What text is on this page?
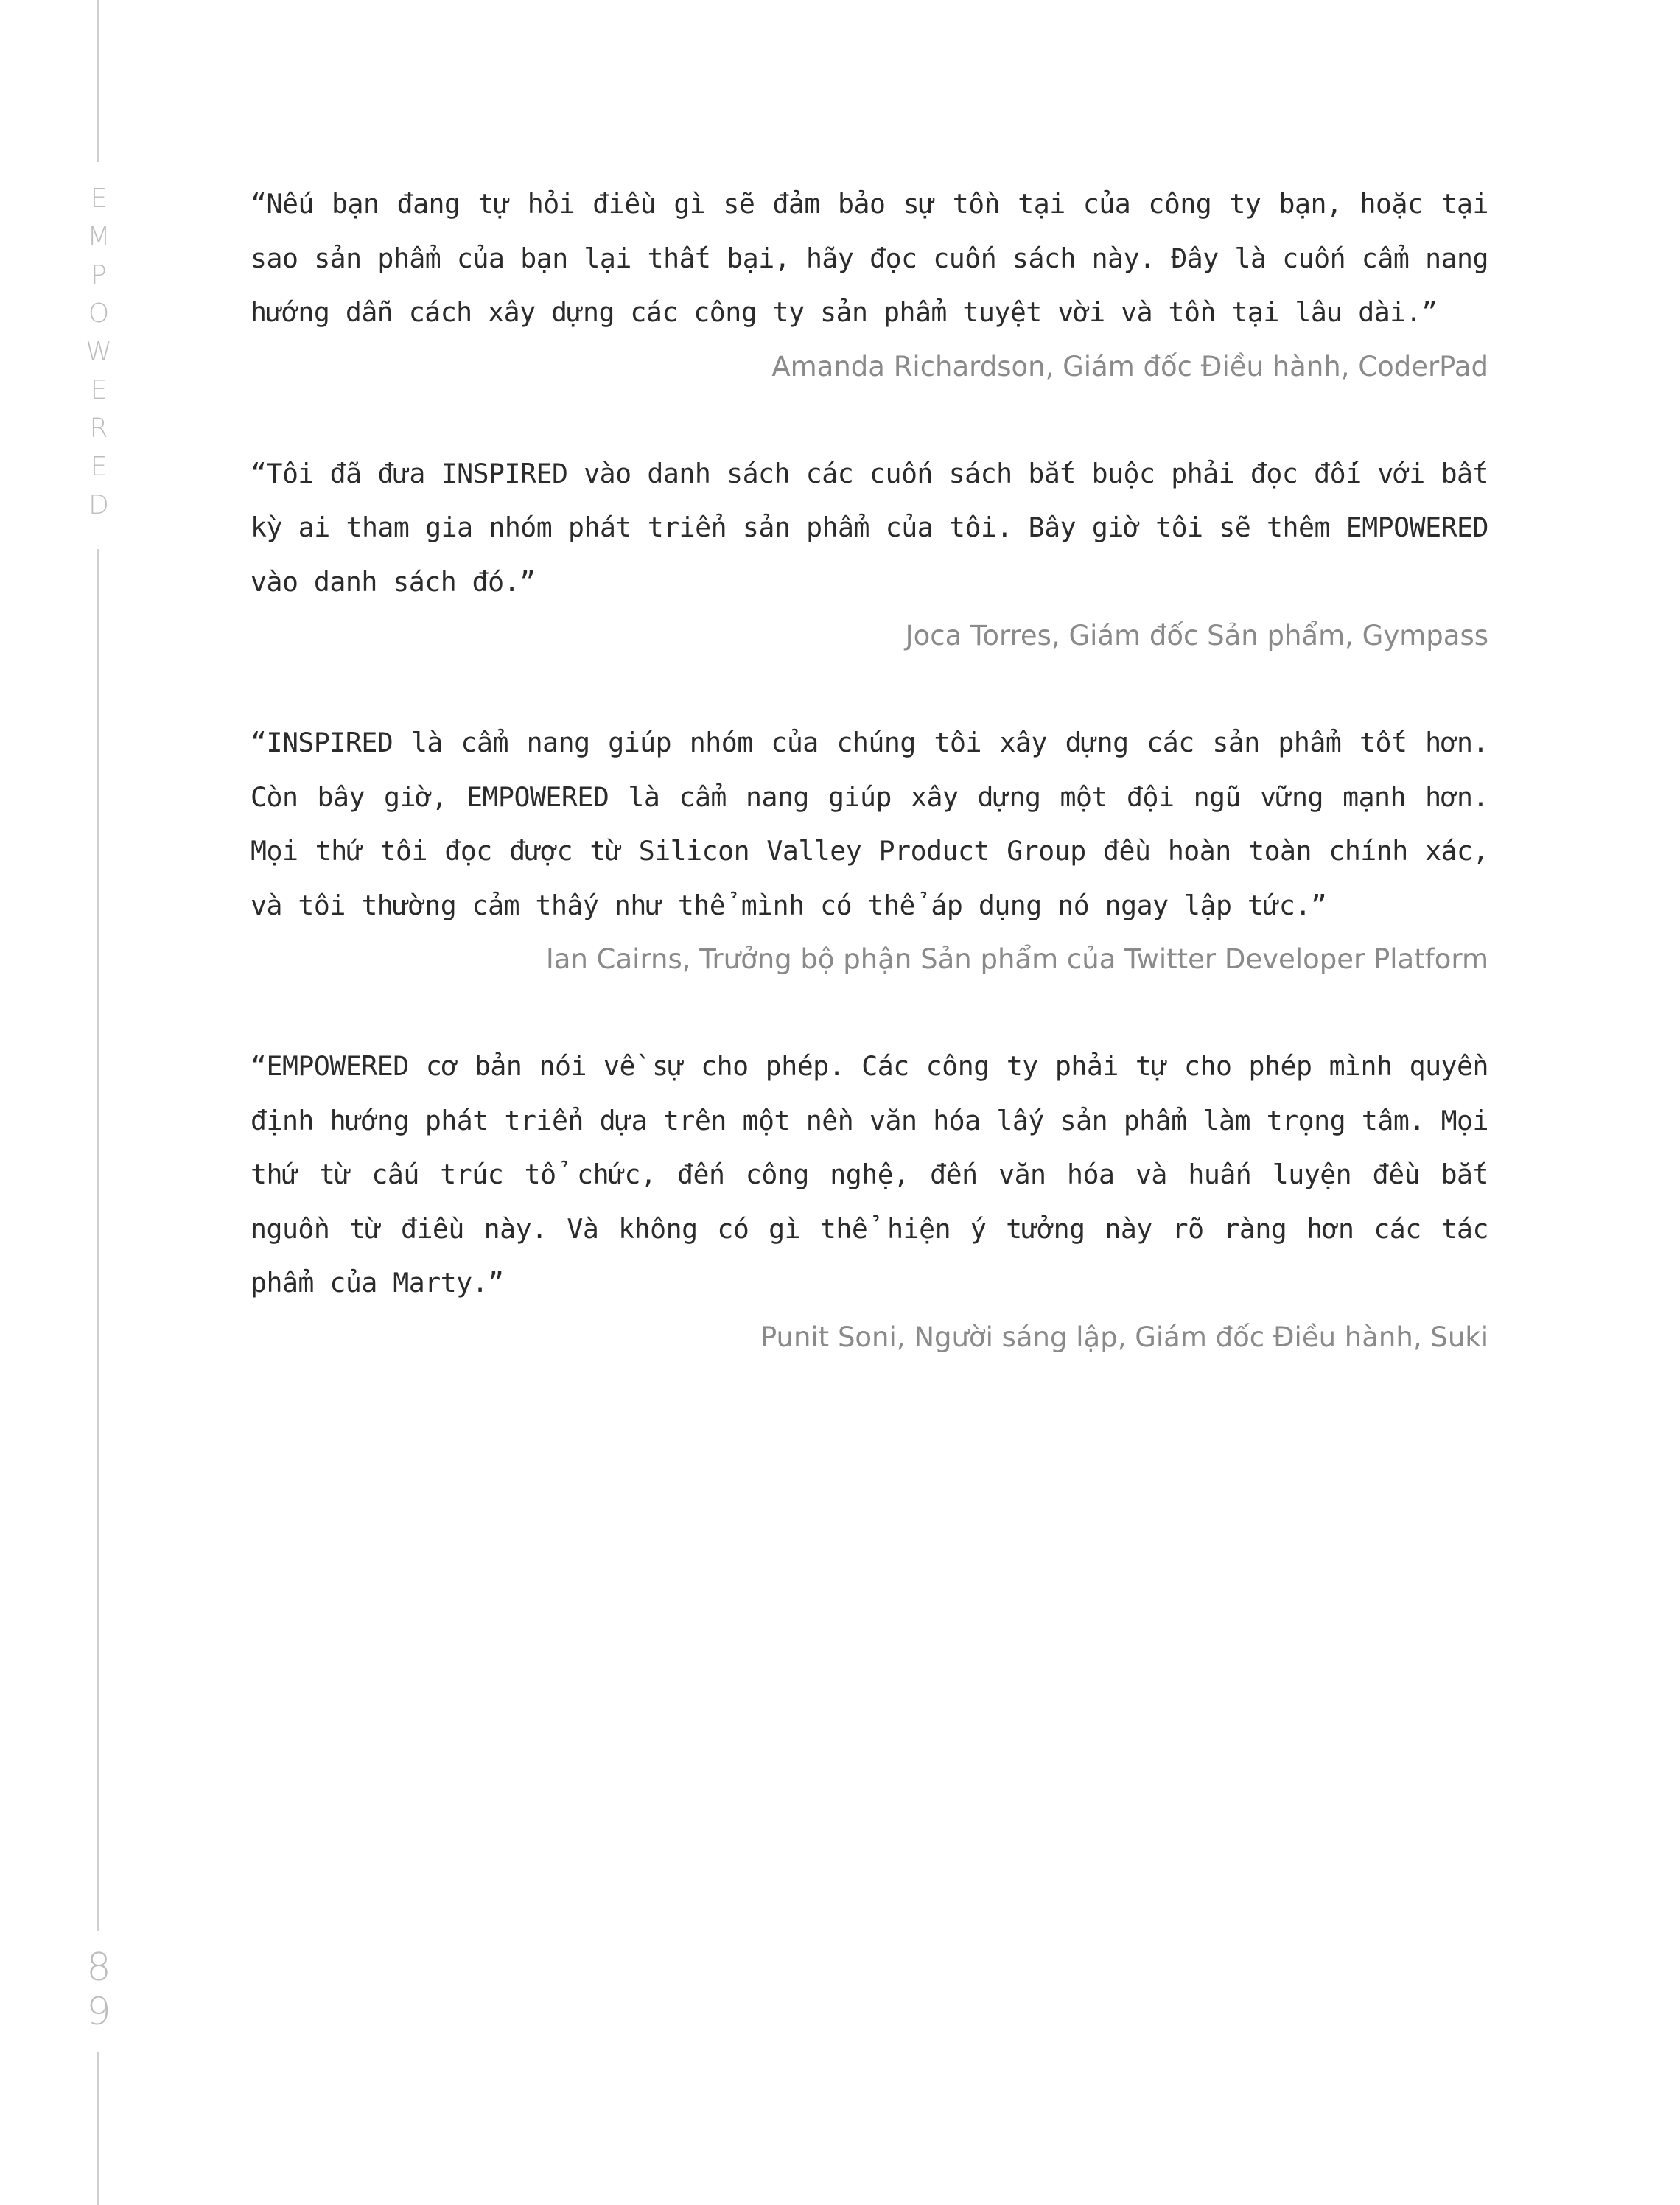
E
M
P
O
W
E
R
E
D
8
9

“Nếu bạn đang tự hỏi điều gì sẽ đảm bảo sự tồn tại của công ty bạn, hoặc tại sao sản phẩm của bạn lại thất bại, hãy đọc cuốn sách này. Đây là cuốn cẩm nang hướng dẫn cách xây dựng các công ty sản phẩm tuyệt vời và tồn tại lâu dài.”

Amanda Richardson, Giám đốc Điều hành, CoderPad

“Tôi đã đưa INSPIRED vào danh sách các cuốn sách bắt buộc phải đọc đối với bất kỳ ai tham gia nhóm phát triển sản phẩm của tôi. Bây giờ tôi sẽ thêm EMPOWERED vào danh sách đó.”

Joca Torres, Giám đốc Sản phẩm, Gympass

“INSPIRED là cẩm nang giúp nhóm của chúng tôi xây dựng các sản phẩm tốt hơn. Còn bây giờ, EMPOWERED là cẩm nang giúp xây dựng một đội ngũ vững mạnh hơn. Mọi thứ tôi đọc được từ Silicon Valley Product Group đều hoàn toàn chính xác, và tôi thường cảm thấy như thể mình có thể áp dụng nó ngay lập tức.”

Ian Cairns, Trưởng bộ phận Sản phẩm của Twitter Developer Platform

“EMPOWERED cơ bản nói về sự cho phép. Các công ty phải tự cho phép mình quyền định hướng phát triển dựa trên một nền văn hóa lấy sản phẩm làm trọng tâm. Mọi thứ từ cấu trúc tổ chức, đến công nghệ, đến văn hóa và huấn luyện đều bắt nguồn từ điều này. Và không có gì thể hiện ý tưởng này rõ ràng hơn các tác phẩm của Marty.”

Punit Soni, Người sáng lập, Giám đốc Điều hành, Suki
